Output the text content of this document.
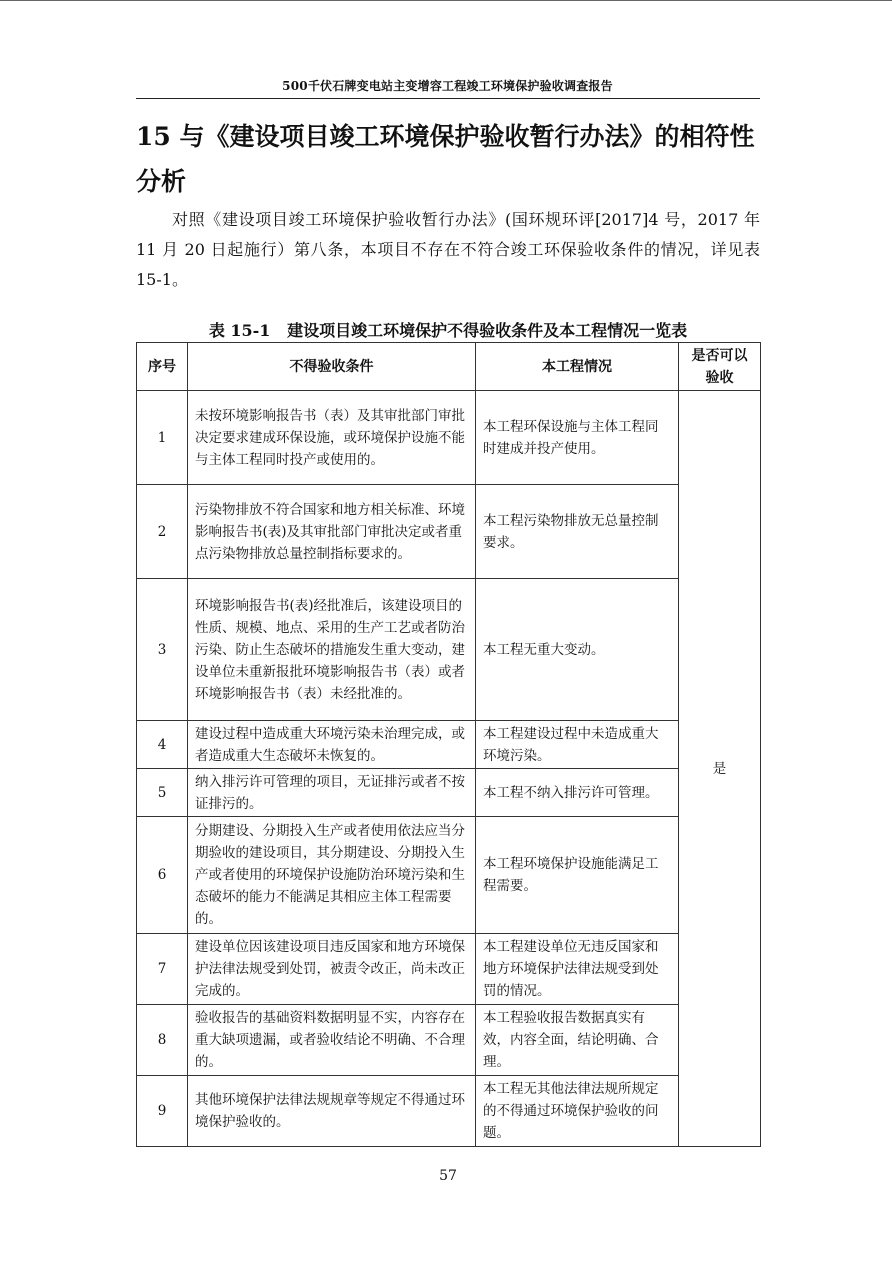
500千伏石牌变电站主变增容工程竣工环境保护验收调查报告
15 与《建设项目竣工环境保护验收暂行办法》的相符性分析

对照《建设项目竣工环境保护验收暂行办法》(国环规环评[2017]4 号，2017 年 11 月 20 日起施行）第八条，本项目不存在不符合竣工环保验收条件的情况，详见表 15-1。

表 15-1   建设项目竣工环境保护不得验收条件及本工程情况一览表
序号	不得验收条件	本工程情况	是否可以验收
1	未按环境影响报告书（表）及其审批部门审批决定要求建成环保设施，或环境保护设施不能与主体工程同时投产或使用的。	本工程环保设施与主体工程同时建成并投产使用。	是
2	污染物排放不符合国家和地方相关标准、环境影响报告书(表)及其审批部门审批决定或者重点污染物排放总量控制指标要求的。	本工程污染物排放无总量控制要求。	
3	环境影响报告书(表)经批准后，该建设项目的性质、规模、地点、采用的生产工艺或者防治污染、防止生态破坏的措施发生重大变动，建设单位未重新报批环境影响报告书（表）或者环境影响报告书（表）未经批准的。	本工程无重大变动。	
4	建设过程中造成重大环境污染未治理完成，或者造成重大生态破坏未恢复的。	本工程建设过程中未造成重大环境污染。	
5	纳入排污许可管理的项目，无证排污或者不按证排污的。	本工程不纳入排污许可管理。	
6	分期建设、分期投入生产或者使用依法应当分期验收的建设项目，其分期建设、分期投入生产或者使用的环境保护设施防治环境污染和生态破坏的能力不能满足其相应主体工程需要的。	本工程环境保护设施能满足工程需要。	
7	建设单位因该建设项目违反国家和地方环境保护法律法规受到处罚，被责令改正，尚未改正完成的。	本工程建设单位无违反国家和地方环境保护法律法规受到处罚的情况。	
8	验收报告的基础资料数据明显不实，内容存在重大缺项遗漏，或者验收结论不明确、不合理的。	本工程验收报告数据真实有效，内容全面，结论明确、合理。	
9	其他环境保护法律法规规章等规定不得通过环境保护验收的。	本工程无其他法律法规所规定的不得通过环境保护验收的问题。	
57
